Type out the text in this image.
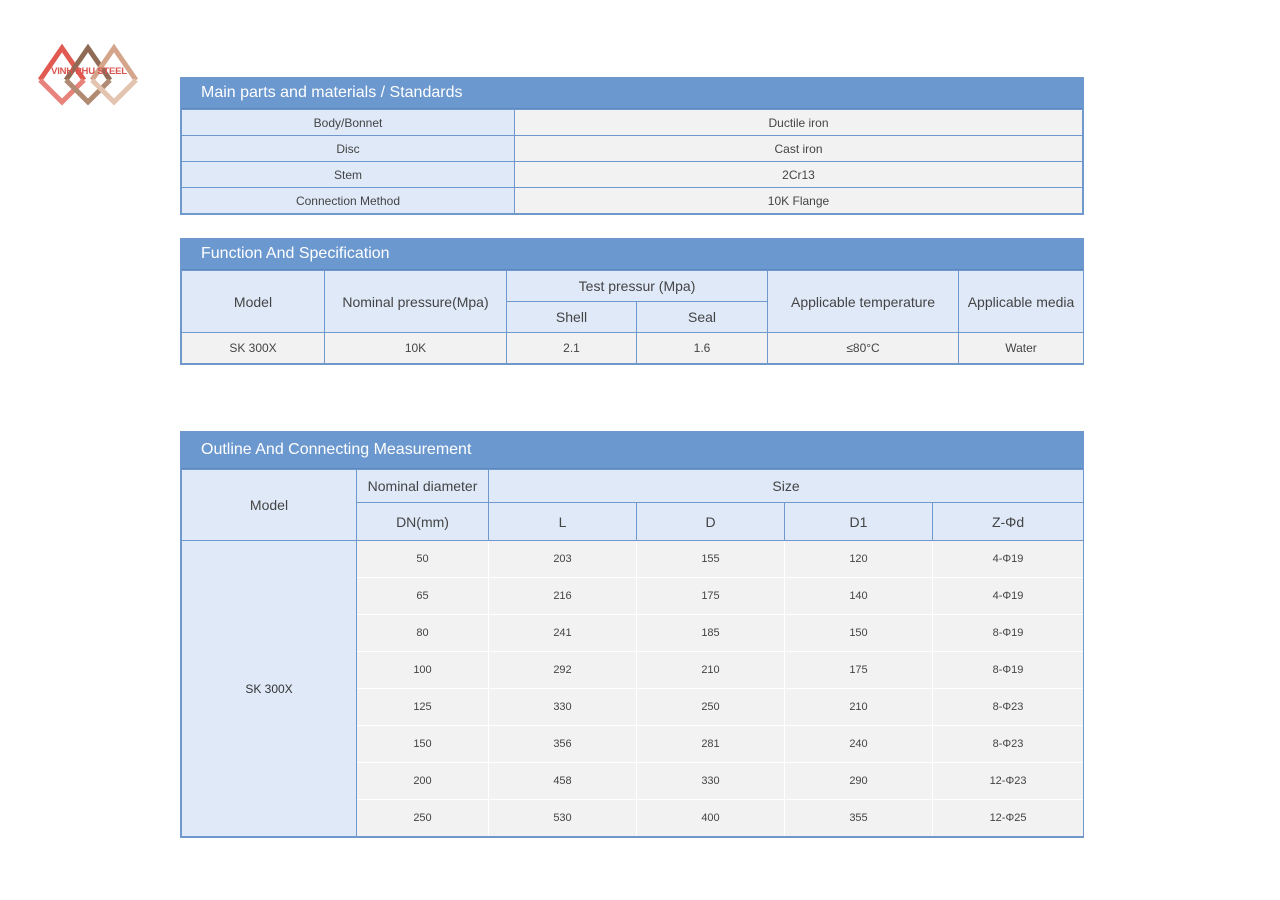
VINH PHU STEEL
Main parts and materials / Standards
Body/Bonnet	Ductile iron
Disc	Cast iron
Stem	2Cr13
Connection Method	10K Flange
Function And Specification
Model	Nominal pressure(Mpa)	Test pressur (Mpa)		Applicable temperature	Applicable media
		Shell	Seal		
SK 300X	10K	2.1	1.6	≤80°C	Water
Outline And Connecting Measurement
Model	Nominal diameter	Size			
	DN(mm)	L	D	D1	Z-Φd
SK 300X	50	203	155	120	4-Φ19
	65	216	175	140	4-Φ19
	80	241	185	150	8-Φ19
	100	292	210	175	8-Φ19
	125	330	250	210	8-Φ23
	150	356	281	240	8-Φ23
	200	458	330	290	12-Φ23
	250	530	400	355	12-Φ25
